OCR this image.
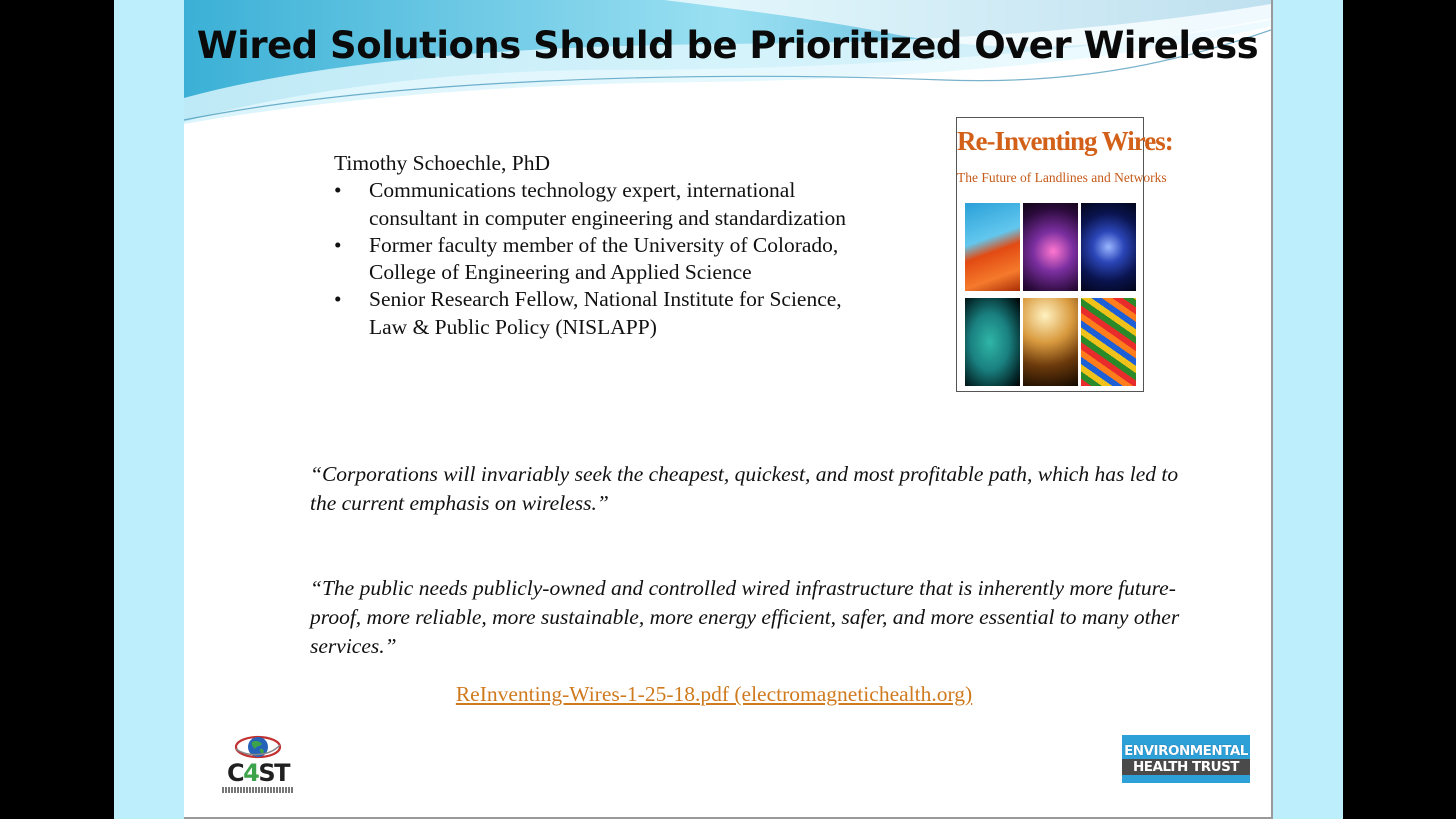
Wired Solutions Should be Prioritized Over Wireless

Timothy Schoechle, PhD

• Communications technology expert, international consultant in computer engineering and standardization
• Former faculty member of the University of Colorado, College of Engineering and Applied Science
• Senior Research Fellow, National Institute for Science, Law & Public Policy (NISLAPP)
Re-Inventing Wires:
The Future of Landlines and Networks

“Corporations will invariably seek the cheapest, quickest, and most profitable path, which has led to the current emphasis on wireless.”

“The public needs publicly-owned and controlled wired infrastructure that is inherently more future-proof, more reliable, more sustainable, more energy efficient, safer, and more essential to many other services.”

ReInventing-Wires-1-25-18.pdf (electromagnetichealth.org)
C4ST
ENVIRONMENTAL
HEALTH TRUST
